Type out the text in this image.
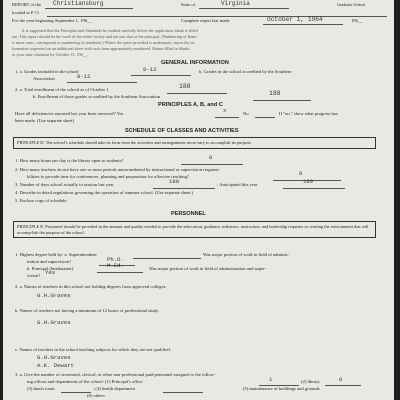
REPORT of the Christiansburg	State of	Virginia	Graduate School
located at P. O.
For the year beginning September 1, 196__	Complete report last made	October 1, 1964	196__
It is suggested that the Principles and Standards be studied carefully before the application blank is filled
out. This report should be the work of the entire faculty and not just that of the principal. (Numbering of Items
is most cases, corresponds to numbering of standards.) Where the space provided is inadequate, report the in-
formation requested on an additional sheet with each item appropriately numbered. Return filled in blanks
to your state chairman by October 15, 196__.
GENERAL INFORMATION
1. a. Grades included in the school	8-12	b. Grades in the school accredited by the Southern
Association	8-12
2. a. Total enrollment of the school as of October 1	188
b. Enrollment of those grades accredited by the Southern Association	188
PRINCIPLES A, B, and C
Have all deficiencies reported last year been removed? Yes	x	No	If "no," show what progress has
been made. (Use separate sheet)
SCHEDULE OF CLASSES AND ACTIVITIES
PRINCIPLE D: The school's schedule should take its form from the activities and arrangements neces-sary to accomplish its purpose.
1. How many hours per day is the library open to students?	8
2. How many teachers do not have one or more periods unencumbered by instructional or supervision responsi-
bilities to provide time for conferences, planning and preparation for effective teaching?	0
3. Number of days school actually in session last year	180	; Anticipated this year	180
4. Describe in detail regulations governing the operation of summer school. (Use separate sheet.)
5. Enclose copy of schedule.
PERSONNEL
PRINCIPLE E: Personnel should be provided in the amount and quality needed to provide the edu-cation, guidance, influence, instruction, and leadership requisite to creating the environment that will accomp-lish the purpose of the school.
1. Highest degree held by: a. Superintendent	Was major portion of work in field of adminis-
tration and supervision?	Ph.D.
b. Principal (headmaster)	M.Ed.	Was major portion of work in field of administration and super-
vision? Yes
2. a. Names of teachers in this school not holding degrees from approved colleges.
G.H.Graves
b. Names of teachers not having a minimum of 12 hours of professional study.
G.H.Graves
c. Names of teachers in the school teaching subjects for which they are not qualified.
G.H.Graves
A.K. Dewart
3. a. Give the number of secretarial, clerical, or other non-professional paid personnel assigned to the follow-
ing offices and departments of the school: (1) Principal's office	1	(2) library	0
(3) lunch room	; (4) health department	(5) maintenance of buildings and grounds
(6) others
